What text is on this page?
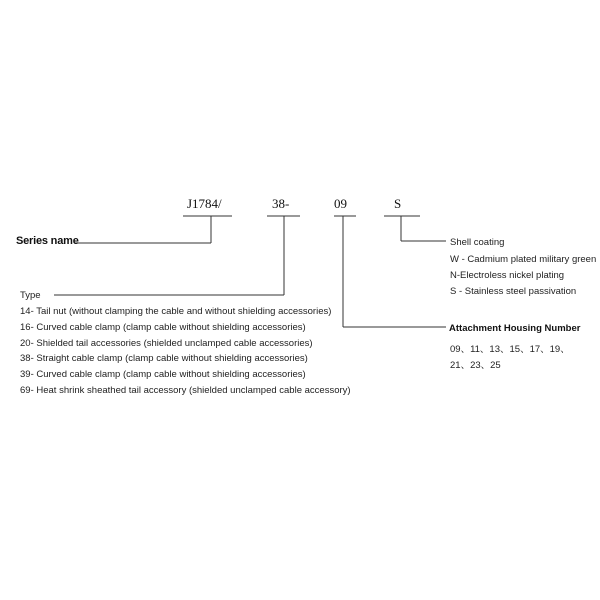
J1784/	38-	09	S
Series name
Type
14- Tail nut (without clamping the cable and without shielding accessories)
16- Curved cable clamp (clamp cable without shielding accessories)
20- Shielded tail accessories (shielded unclamped cable accessories)
38- Straight cable clamp (clamp cable without shielding accessories)
39- Curved cable clamp (clamp cable without shielding accessories)
69- Heat shrink sheathed tail accessory (shielded unclamped cable accessory)
Shell coating
W - Cadmium plated military green
N-Electroless nickel plating
S - Stainless steel passivation
Attachment Housing Number
09、11、13、15、17、19、
21、23、25
